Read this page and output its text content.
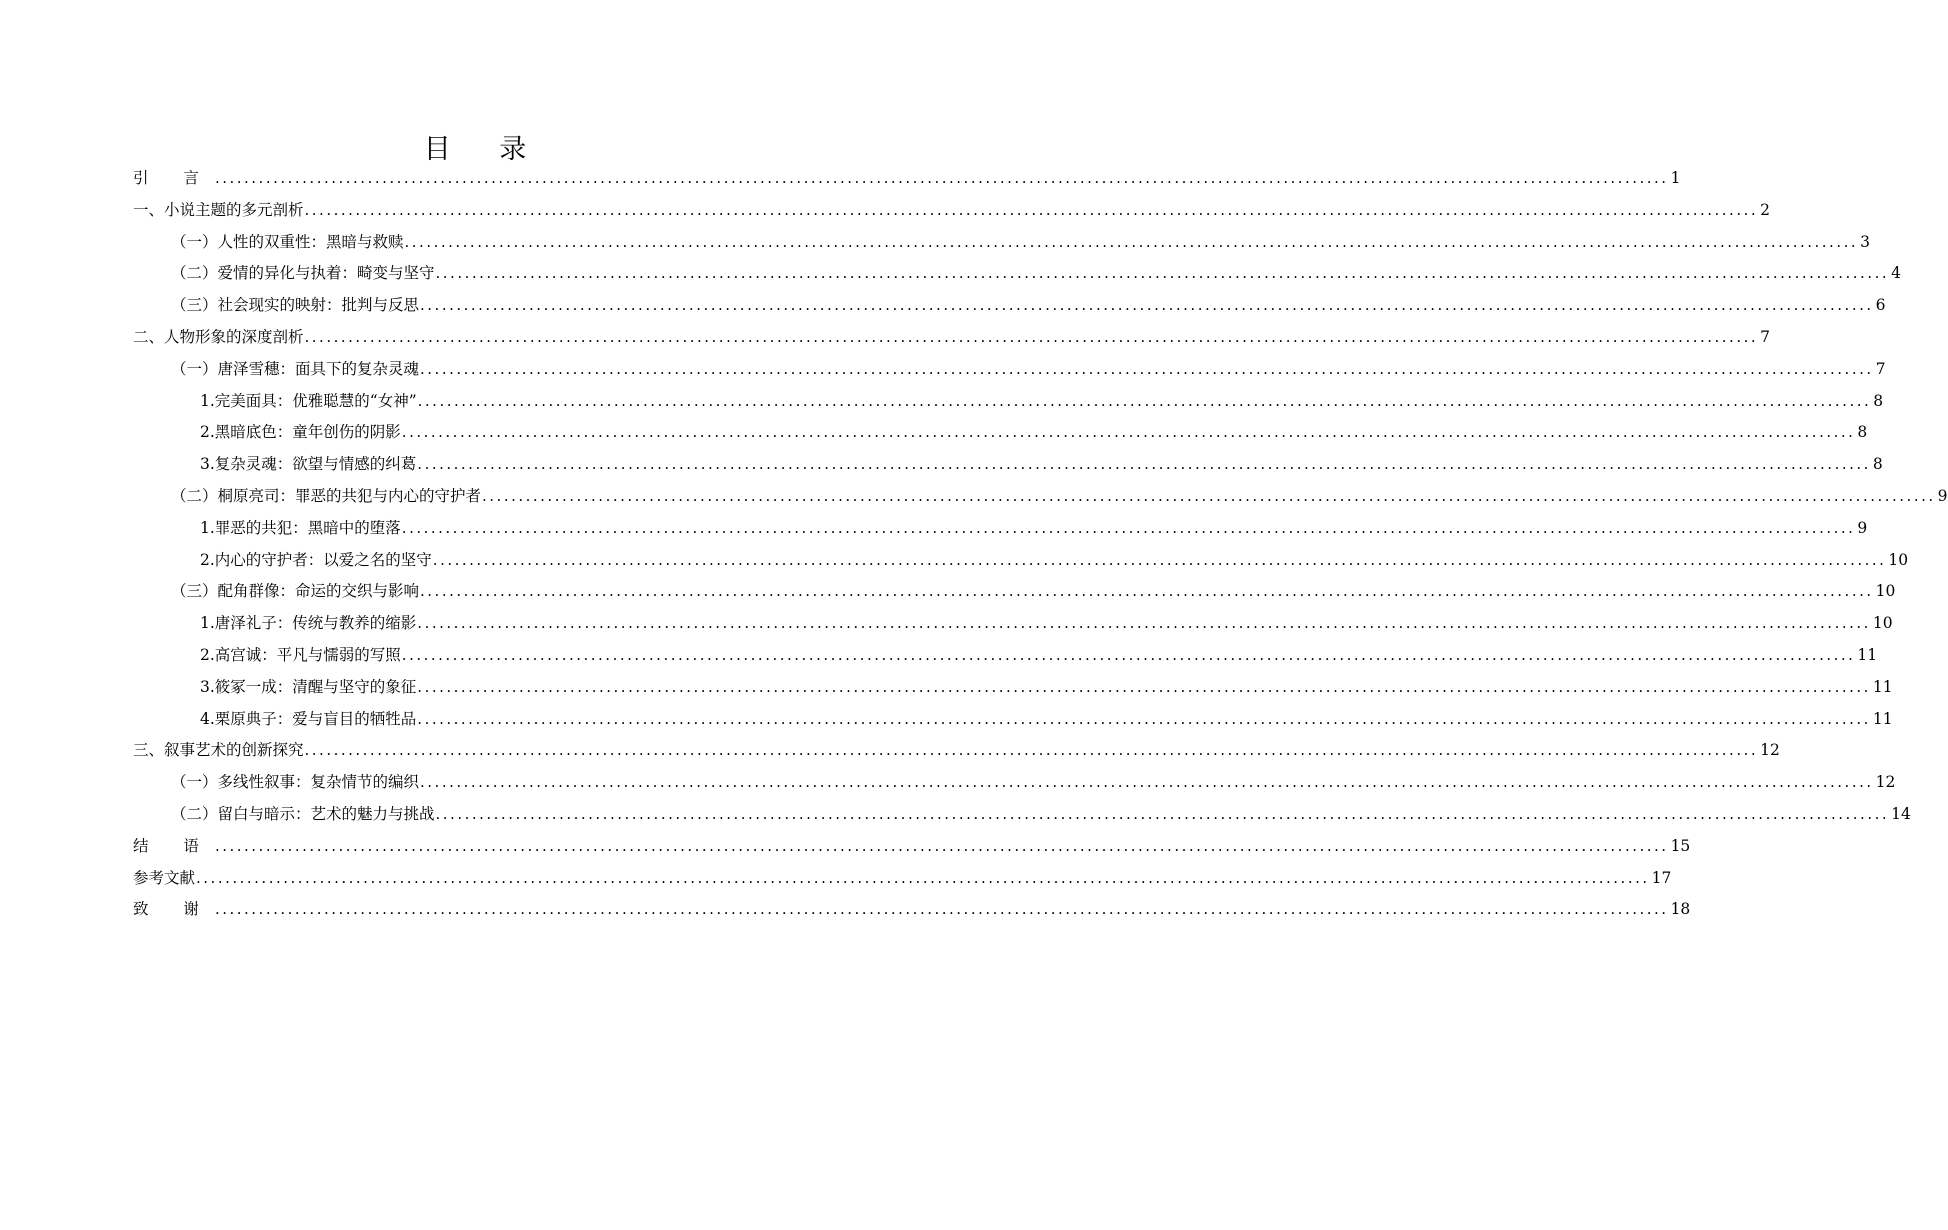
目 录
引 言 ........................................................................................................................................................................................................ 1
一、小说主题的多元剖析 ........................................................................................................................................................................................................ 2
（一）人性的双重性：黑暗与救赎 ........................................................................................................................................................................................................ 3
（二）爱情的异化与执着：畸变与坚守 ........................................................................................................................................................................................................ 4
（三）社会现实的映射：批判与反思 ........................................................................................................................................................................................................ 6
二、人物形象的深度剖析 ........................................................................................................................................................................................................ 7
（一）唐泽雪穗：面具下的复杂灵魂 ........................................................................................................................................................................................................ 7
1.完美面具：优雅聪慧的“女神” ........................................................................................................................................................................................................ 8
2.黑暗底色：童年创伤的阴影 ........................................................................................................................................................................................................ 8
3.复杂灵魂：欲望与情感的纠葛 ........................................................................................................................................................................................................ 8
（二）桐原亮司：罪恶的共犯与内心的守护者 ........................................................................................................................................................................................................ 9
1.罪恶的共犯：黑暗中的堕落 ........................................................................................................................................................................................................ 9
2.内心的守护者：以爱之名的坚守 ........................................................................................................................................................................................................ 10
（三）配角群像：命运的交织与影响 ........................................................................................................................................................................................................ 10
1.唐泽礼子：传统与教养的缩影 ........................................................................................................................................................................................................ 10
2.高宫诚：平凡与懦弱的写照 ........................................................................................................................................................................................................ 11
3.筱冢一成：清醒与坚守的象征 ........................................................................................................................................................................................................ 11
4.栗原典子：爱与盲目的牺牲品 ........................................................................................................................................................................................................ 11
三、叙事艺术的创新探究 ........................................................................................................................................................................................................ 12
（一）多线性叙事：复杂情节的编织 ........................................................................................................................................................................................................ 12
（二）留白与暗示：艺术的魅力与挑战 ........................................................................................................................................................................................................ 14
结 语 ........................................................................................................................................................................................................ 15
参考文献 ........................................................................................................................................................................................................ 17
致 谢 ........................................................................................................................................................................................................ 18
